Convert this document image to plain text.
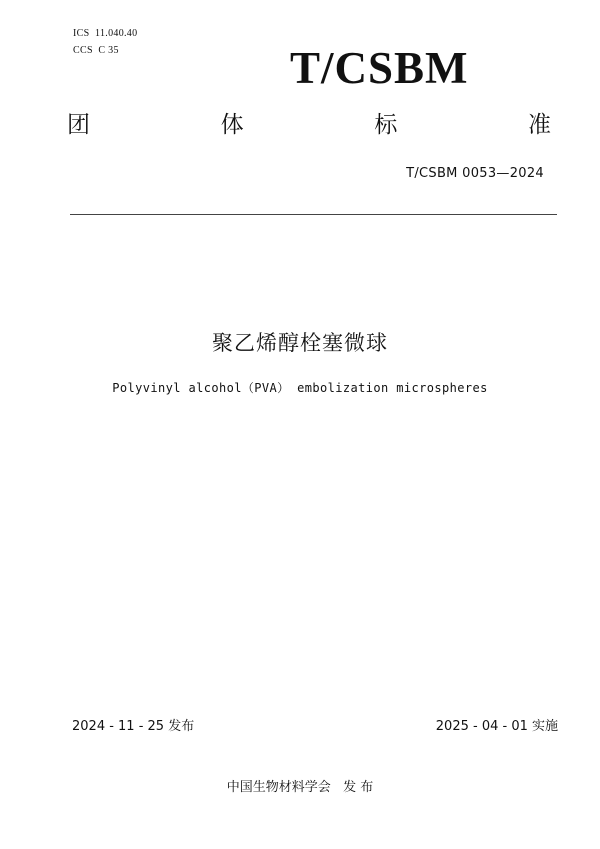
ICS  11.040.40
CCS  C 35	T/CSBM
团	体	标	准
T/CSBM 0053—2024
聚乙烯醇栓塞微球
Polyvinyl alcohol（PVA） embolization microspheres
2024 - 11 - 25 发布	2025 - 04 - 01 实施
中国生物材料学会   发 布
